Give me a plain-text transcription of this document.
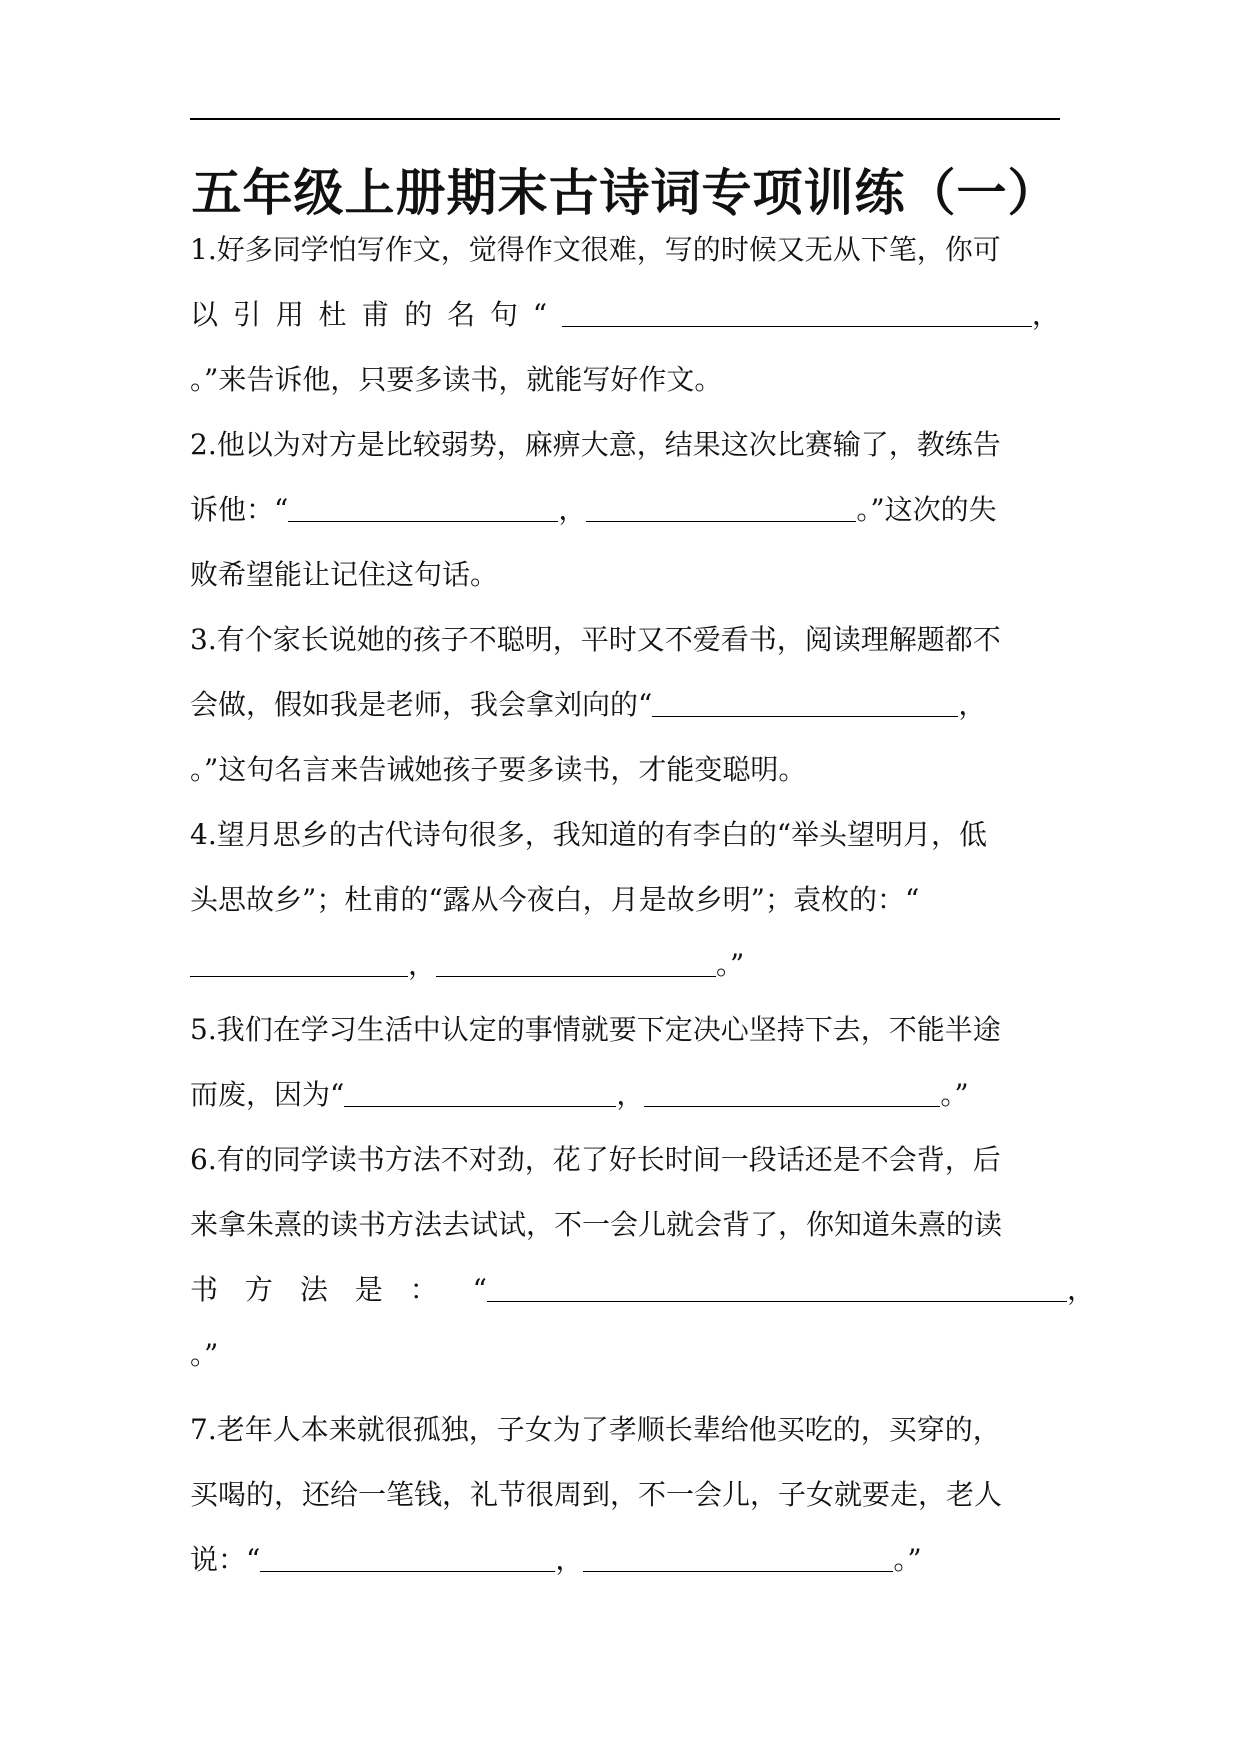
五年级上册期末古诗词专项训练（一）
1.好多同学怕写作文，觉得作文很难，写的时候又无从下笔，你可
以 引 用 杜 甫 的 名 句 “	，
。”来告诉他，只要多读书，就能写好作文。
2.他以为对方是比较弱势，麻痹大意，结果这次比赛输了，教练告
诉他：“	，	。”这次的失
败希望能让记住这句话。
3.有个家长说她的孩子不聪明，平时又不爱看书，阅读理解题都不
会做，假如我是老师，我会拿刘向的“	，
。”这句名言来告诫她孩子要多读书，才能变聪明。
4.望月思乡的古代诗句很多，我知道的有李白的“举头望明月，低
头思故乡”；杜甫的“露从今夜白，月是故乡明”；袁枚的：“
，	。”
5.我们在学习生活中认定的事情就要下定决心坚持下去，不能半途
而废，因为“	，	。”
6.有的同学读书方法不对劲，花了好长时间一段话还是不会背，后
来拿朱熹的读书方法去试试，不一会儿就会背了，你知道朱熹的读
书 方 法 是 ： “	，
。”
7.老年人本来就很孤独，子女为了孝顺长辈给他买吃的，买穿的，
买喝的，还给一笔钱，礼节很周到，不一会儿，子女就要走，老人
说：“	，	。”
